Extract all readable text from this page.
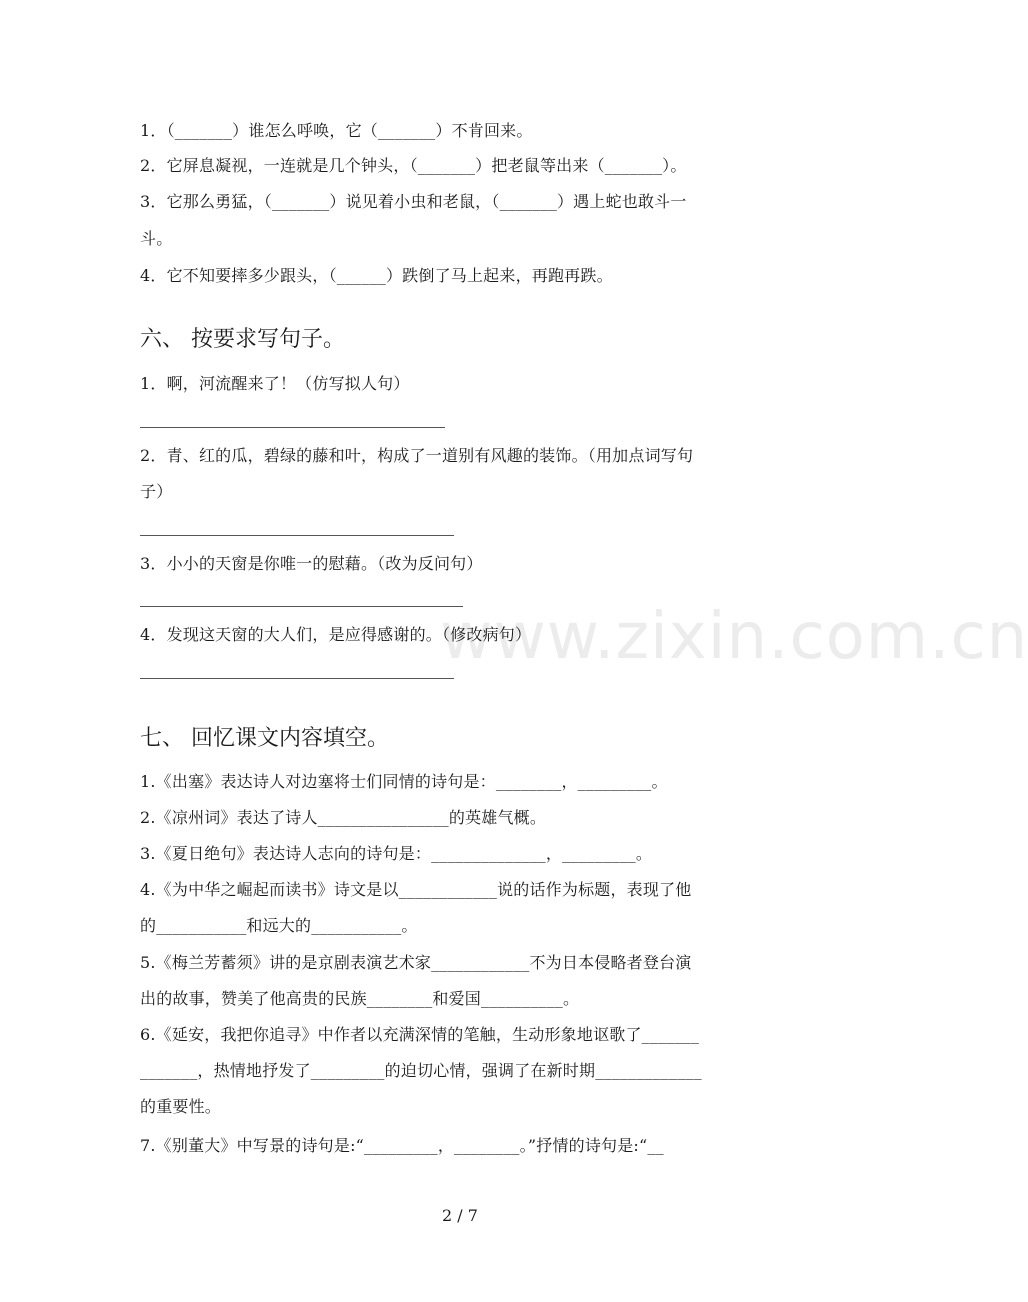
www.zixin.com.cn
1．（_______）谁怎么呼唤，它（_______）不肯回来。
2．它屏息凝视，一连就是几个钟头，（_______）把老鼠等出来（_______）。
3．它那么勇猛，（_______）说见着小虫和老鼠，（_______）遇上蛇也敢斗一
斗。
4．它不知要摔多少跟头，（______）跌倒了马上起来，再跑再跌。
六、 按要求写句子。
1．啊，河流醒来了！（仿写拟人句）
2．青、红的瓜，碧绿的藤和叶，构成了一道别有风趣的装饰。（用加点词写句
子）
3．小小的天窗是你唯一的慰藉。（改为反问句）
4．发现这天窗的大人们，是应得感谢的。（修改病句）
七、 回忆课文内容填空。
1.《出塞》表达诗人对边塞将士们同情的诗句是：________，_________。
2.《凉州词》表达了诗人________________的英雄气概。
3.《夏日绝句》表达诗人志向的诗句是：______________，_________。
4.《为中华之崛起而读书》诗文是以____________说的话作为标题，表现了他
的___________和远大的___________。
5.《梅兰芳蓄须》讲的是京剧表演艺术家____________不为日本侵略者登台演
出的故事，赞美了他高贵的民族________和爱国__________。
6.《延安，我把你追寻》中作者以充满深情的笔触，生动形象地讴歌了_______
_______，热情地抒发了_________的迫切心情，强调了在新时期_____________
的重要性。
7.《别董大》中写景的诗句是:“_________，________。”抒情的诗句是:“__
2 / 7
